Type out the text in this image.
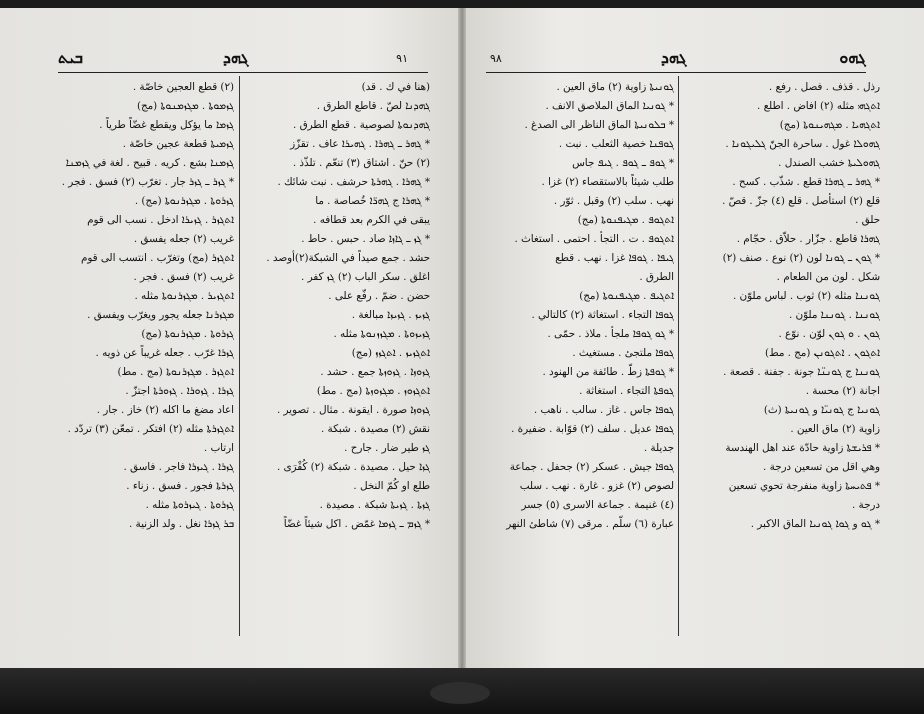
ܒܝܬ	ܓܗܕ	٩١
(هنا في ك . قد)
ܓܗܕܢܐ لصّ . قاطع الطرق .
ܓܗܕܢܘܬܐ لصوصية . قطع الطرق .
* ܓܗܪ ـ ܓܗܪܐ . ܓܗܝܪܐ عاف . تقزّز
(٢) حنّ . اشتاق (٣) تنعّم . تلذّذ .
* ܓܗܪܐ . ܓܗܪܬܐ حرشف . نبت شائك .
* ܓܗܪܐ ج ܓܗܪ̈ܐ خُصاصة . ما
يبقى في الكرم بعد قطافه .
* ܓܙ ـ ܓܐܙܐ صاد . حبس . حاط .
حشد . جمع صيداً في الشبكة(٢)أوصد .
اغلق . سكر الباب (٢) ܓܙ كفر .
حضن . ضمّ . رفّع على .
ܓܙܝܙ . ܓܙܝܙܐ مبالغة .
ܓܙܝܙܘܬܐ . ܡܓܙܙܢܘܬܐ مثله .
ܐܬܓܙܝܙ . ܐܬܓܙܙ (مج)
ܓܙܘܙܐ . ܓܙܘܙܬܐ جمع . حشد .
ܐܬܓܙܘܙ . ܡܓܙܘܙܬܐ (مج . مط)
ܓܙܘܙܐ صورة . ايقونة . مثال . تصوير .
نقش (٢) مصيدة . شبكة .
ܓܙ طير ضار . جارح .
ܓܙܐ حيل . مصيدة . شبكة (٢) كُفْرَى .
طلع او كُمّ النخل .
ܓܙܬܐ . ܓܙܝܬܐ شبكة . مصيدة .
* ܓܙܡ ـ ܓܙܡܐ غمّض . اكل شيئاً غضّاً
(٢) قطع العجين خاصّة .
ܓܙܡܘܬܐ . ܡܓܙܡܢܘܬܐ (مج)
ܓܙܡܐ ما يؤكل ويقطع غضّاً طرياً .
ܓܙܡܝܬܐ قطعة عجين خاصّة .
ܓܙܡܢܐ بشع . كريه . قبيح . لغة في ܓܙܡܢܐ
* ܓܙܪ ـ ܓܙܪ جار . تغرّب (٢) فسق . فجر .
ܓܙܪܘܬܐ . ܡܓܙܪܢܘܬܐ (مج) .
ܐܬܓܙܪ . ܓܙܝܪܐ ادخل . نسب الى قوم
غريب (٢) جعله يفسق .
ܐܬܓܙܪ (مج) وتغرّب . انتسب الى قوم
غريب (٢) فسق . فجر .
ܐܬܓܙܝܪ . ܡܓܙܪܢܘܬܐ مثله .
ܡܓܙܪܢܐ جعله يجور ويغرّب ويفسق .
ܓܙܪܘܬܐ . ܡܓܙܪܢܘܬܐ (مج)
ܓܙܪܐ غرّب . جعله غريباً عن ذويه .
ܐܬܓܙܪ . ܡܓܙܪܢܘܬܐ (مج . مط)
ܓܙܪܐ . ܓܙܘܪܐ . ܓܙܘܪܬܐ اجتزّ .
اعاد مضغ ما اكله (٢) خاز . جار .
ܐܬܓܙܪܬܐ مثله (٢) افتكر . تمعّن (٣) تردّد .
ارتاب .
ܓܙܪܐ . ܓܝܙܪܐ فاجر . فاسق .
ܓܙܪܬܐ فجور . فسق . زناء .
ܓܙܪܘܬܐ . ܓܝܙܪܘܬܐ مثله .
ܒܪ ܓܙܪܐ نغل . ولد الزنية .
٩٨	ܓܗܕ	ܓܗܘ
رذل . قذف . فصل . رفع .
ܐܬܓܗܝ مثله (٢) افاض . اطلع .
ܐܬܓܗܝܐ . ܡܓܗܝܢܘܬܐ (مج)
ܓܗܘܠܐ غول . ساحرة الجنّ ܓܠܝܓܘܢܐ .
ܓܗܘܠܝܬܐ خشب الصندل .
* ܓܗܪ ـ ܓܗܪܐ قطع . شذّب . كسح .
قلع (٢) استأصل . قلع (٤) جزّ . قصّ .
حلق .
ܓܗܪܐ قاطع . جزّار . حلاّق . حجّام .
* ܓܘܢ ـ ܓܘܢܐ لون (٢) نوع . صنف (٢)
شكل . لون من الطعام .
ܓܘܢܢܐ مثله (٢) ثوب . لباس ملوّن .
ܓܘܢܢܐ . ܓܘܢܢܐ ملوّن .
ܓܘܢ . ܘ ܓܘܢ لوّن . نوّع .
ܐܬܓܘܢ . ܐܬܓܘܢܢ (مج . مط)
ܓܘܢܢܐ ج ܓܘܢܢ̈ܐ جونة . جفنة . قصعة .
اجانة (٢) محسة .
ܓܘܢܝܐ ج ܓܘܢܝ̈ܐ و ܓܘܢܝܬܐ (ث)
زاوية (٢) ماق العين .
* ܦܪܝܫܬܐ زاوية حادّة عند اهل الهندسة
وهي اقل من تسعين درجة .
* ܦܬܝܚܬܐ زاوية منفرجة تحوي تسعين
درجة .
* ܓܘ و ܓܘܐ ܓܘܢܝܐ الماق الاكبر .
ܓܘܢܝܬܐ زاوية (٢) ماق العين .
* ܓܘܢܝܐ الماق الملاصق الانف .
* ܒܠܘܢܝܬܐ الماق الناظر الى الصدغ .
ܓܘܦܢܐ خصية الثعلب . نبت .
* ܓܘܦ ـ ܓܘܦ . ܓܝܦ جاس
طلب شيئاً بالاستقصاء (٢) غزا .
نهب . سلب (٢) وقبل . ثوّر .
ܐܬܓܘܦ . ܡܓܝܦܢܘܬܐ (مج)
ܐܬܓܘܦ . ت . التجأ . احتمى . استغاث .
ܓܝܦܐ . ܓܘܦܐ غزا . نهب . قطع
الطرق .
ܐܬܓܝܦ . ܡܓܝܦܢܘܬܐ (مج)
ܓܘܦܐ التجاء . استغاثة (٢) كالتالي .
* ܓܘ ܓܘܦܐ ملجأ . ملاذ . حمّى .
ܓܘܦܐ ملتجئ . مستغيث .
* ܓܘܦܬܐ زطّ . طائفة من الهنود .
ܓܘܦܬܐ التجاء . استغاثة .
ܓܘܦܐ جاس . غاز . سالب . ناهب .
ܓܘܦܐ عديل . سلف (٢) قوّابة . ضفيرة .
جديلة .
ܓܘܦܐ جيش . عسكر (٢) جحفل . جماعة
لصوص (٢) غزو . غارة . نهب . سلب
(٤) غنيمة . جماعة الاسرى (٥) جسر
عبارة (٦) سلّم . مرقى (٧) شاطئ النهر
